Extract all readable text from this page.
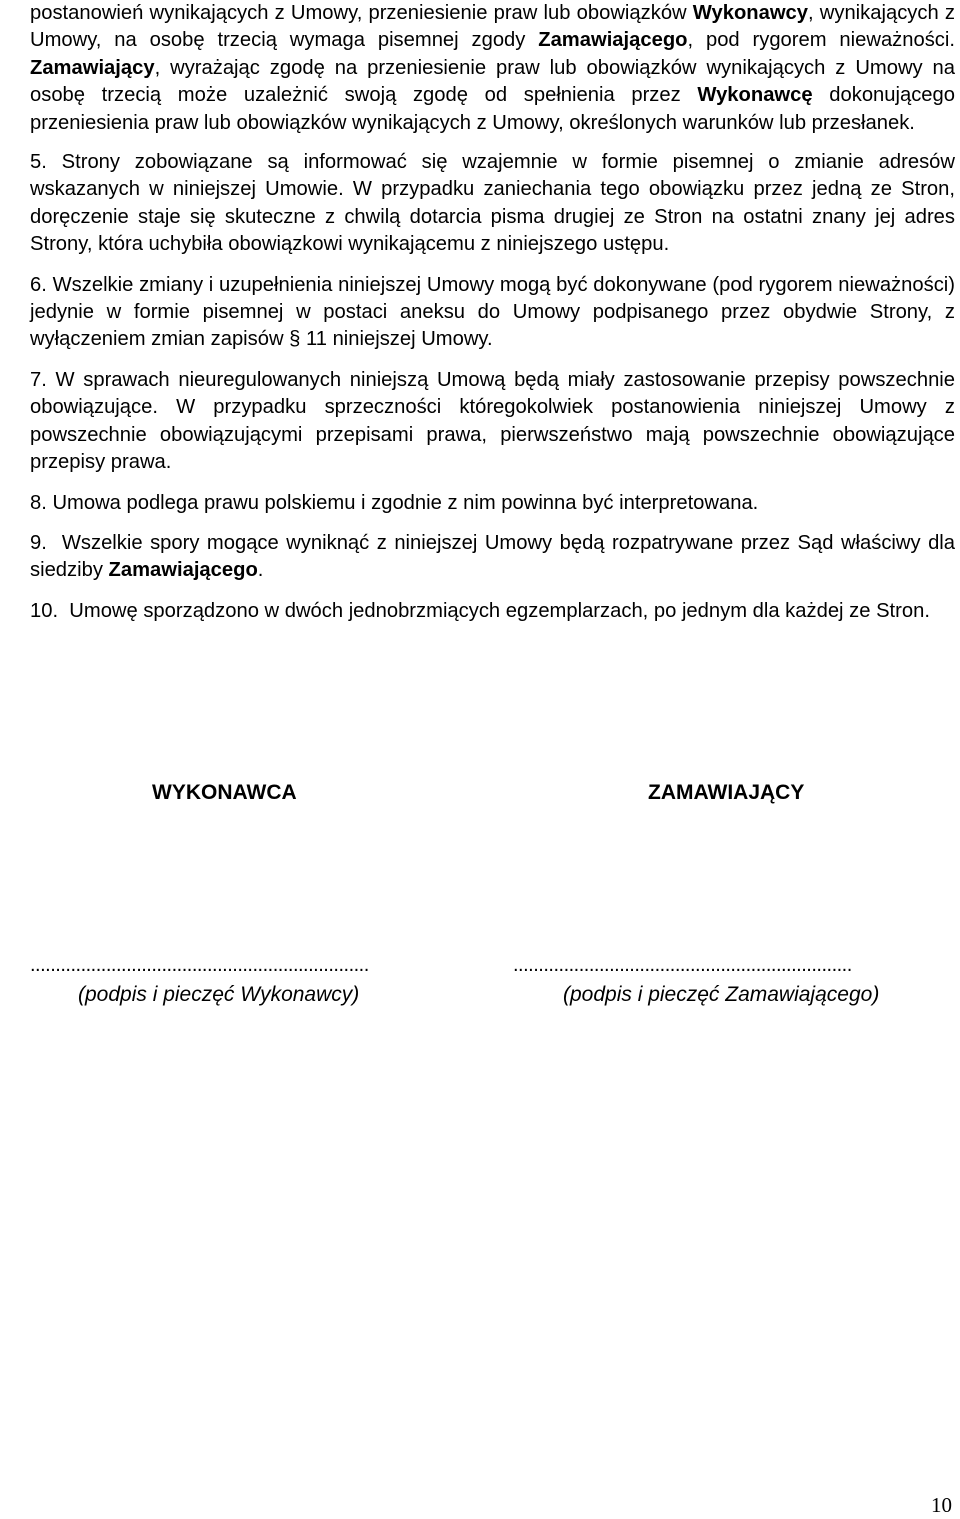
postanowień wynikających z Umowy, przeniesienie praw lub obowiązków Wykonawcy, wynikających z Umowy, na osobę trzecią wymaga pisemnej zgody Zamawiającego, pod rygorem nieważności. Zamawiający, wyrażając zgodę na przeniesienie praw lub obowiązków wynikających z Umowy na osobę trzecią może uzależnić swoją zgodę od spełnienia przez Wykonawcę dokonującego przeniesienia praw lub obowiązków wynikających z Umowy, określonych warunków lub przesłanek.

5. Strony zobowiązane są informować się wzajemnie w formie pisemnej o zmianie adresów wskazanych w niniejszej Umowie. W przypadku zaniechania tego obowiązku przez jedną ze Stron, doręczenie staje się skuteczne z chwilą dotarcia pisma drugiej ze Stron na ostatni znany jej adres Strony, która uchybiła obowiązkowi wynikającemu z niniejszego ustępu.

6. Wszelkie zmiany i uzupełnienia niniejszej Umowy mogą być dokonywane (pod rygorem nieważności) jedynie w formie pisemnej w postaci aneksu do Umowy podpisanego przez obydwie Strony, z wyłączeniem zmian zapisów § 11 niniejszej Umowy.

7. W sprawach nieuregulowanych niniejszą Umową będą miały zastosowanie przepisy powszechnie obowiązujące. W przypadku sprzeczności któregokolwiek postanowienia niniejszej Umowy z powszechnie obowiązującymi przepisami prawa, pierwszeństwo mają powszechnie obowiązujące przepisy prawa.

8. Umowa podlega prawu polskiemu i zgodnie z nim powinna być interpretowana.

9. Wszelkie spory mogące wyniknąć z niniejszej Umowy będą rozpatrywane przez Sąd właściwy dla siedziby Zamawiającego.

10. Umowę sporządzono w dwóch jednobrzmiących egzemplarzach, po jednym dla każdej ze Stron.

WYKONAWCA	ZAMAWIAJĄCY
...................................................................	...................................................................
(podpis i pieczęć Wykonawcy)	(podpis i pieczęć Zamawiającego)
10
